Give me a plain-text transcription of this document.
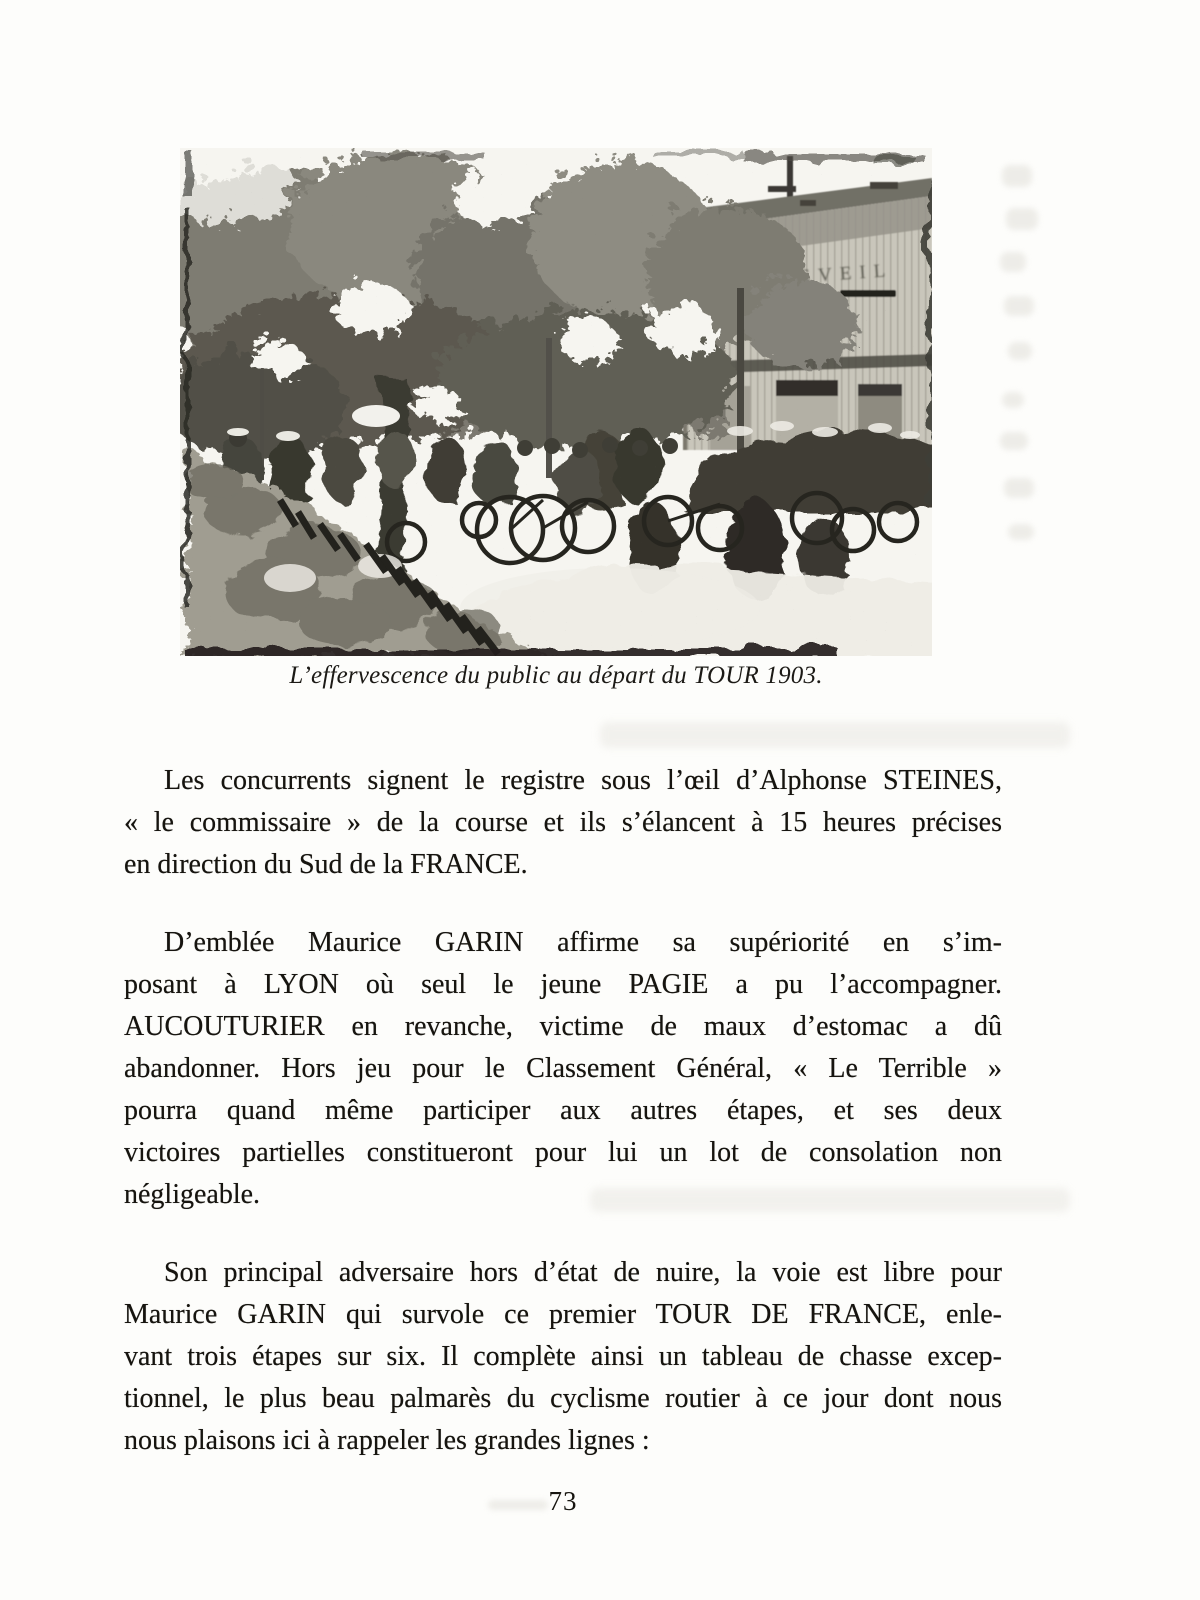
L’effervescence du public au départ du TOUR 1903.
Les concurrents signent le registre sous l’œil d’Alphonse STEINES,
« le commissaire » de la course et ils s’élancent à 15 heures précises
en direction du Sud de la FRANCE.
D’emblée Maurice GARIN affirme sa supériorité en s’im-
posant à LYON où seul le jeune PAGIE a pu l’accompagner.
AUCOUTURIER en revanche, victime de maux d’estomac a dû
abandonner. Hors jeu pour le Classement Général, « Le Terrible »
pourra quand même participer aux autres étapes, et ses deux
victoires partielles constitueront pour lui un lot de consolation non
négligeable.
Son principal adversaire hors d’état de nuire, la voie est libre pour
Maurice GARIN qui survole ce premier TOUR DE FRANCE, enle-
vant trois étapes sur six. Il complète ainsi un tableau de chasse excep-
tionnel, le plus beau palmarès du cyclisme routier à ce jour dont nous
nous plaisons ici à rappeler les grandes lignes :
73
